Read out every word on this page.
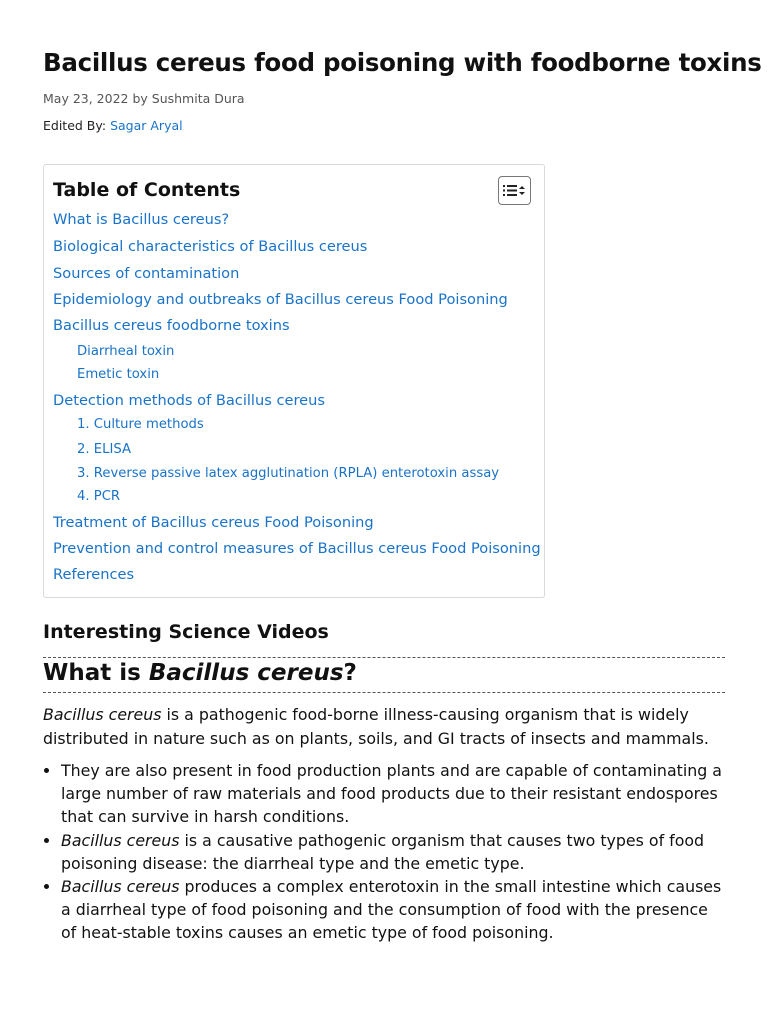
Bacillus cereus food poisoning with foodborne toxins
May 23, 2022 by Sushmita Dura
Edited By: Sagar Aryal
Table of Contents
What is Bacillus cereus?
Biological characteristics of Bacillus cereus
Sources of contamination
Epidemiology and outbreaks of Bacillus cereus Food Poisoning
Bacillus cereus foodborne toxins
Diarrheal toxin
Emetic toxin
Detection methods of Bacillus cereus
1. Culture methods
2. ELISA
3. Reverse passive latex agglutination (RPLA) enterotoxin assay
4. PCR
Treatment of Bacillus cereus Food Poisoning
Prevention and control measures of Bacillus cereus Food Poisoning
References
Interesting Science Videos
What is Bacillus cereus?

Bacillus cereus is a pathogenic food-borne illness-causing organism that is widely distributed in nature such as on plants, soils, and GI tracts of insects and mammals.

• They are also present in food production plants and are capable of contaminating a large number of raw materials and food products due to their resistant endospores that can survive in harsh conditions.
• Bacillus cereus is a causative pathogenic organism that causes two types of food poisoning disease: the diarrheal type and the emetic type.
• Bacillus cereus produces a complex enterotoxin in the small intestine which causes a diarrheal type of food poisoning and the consumption of food with the presence of heat-stable toxins causes an emetic type of food poisoning.
